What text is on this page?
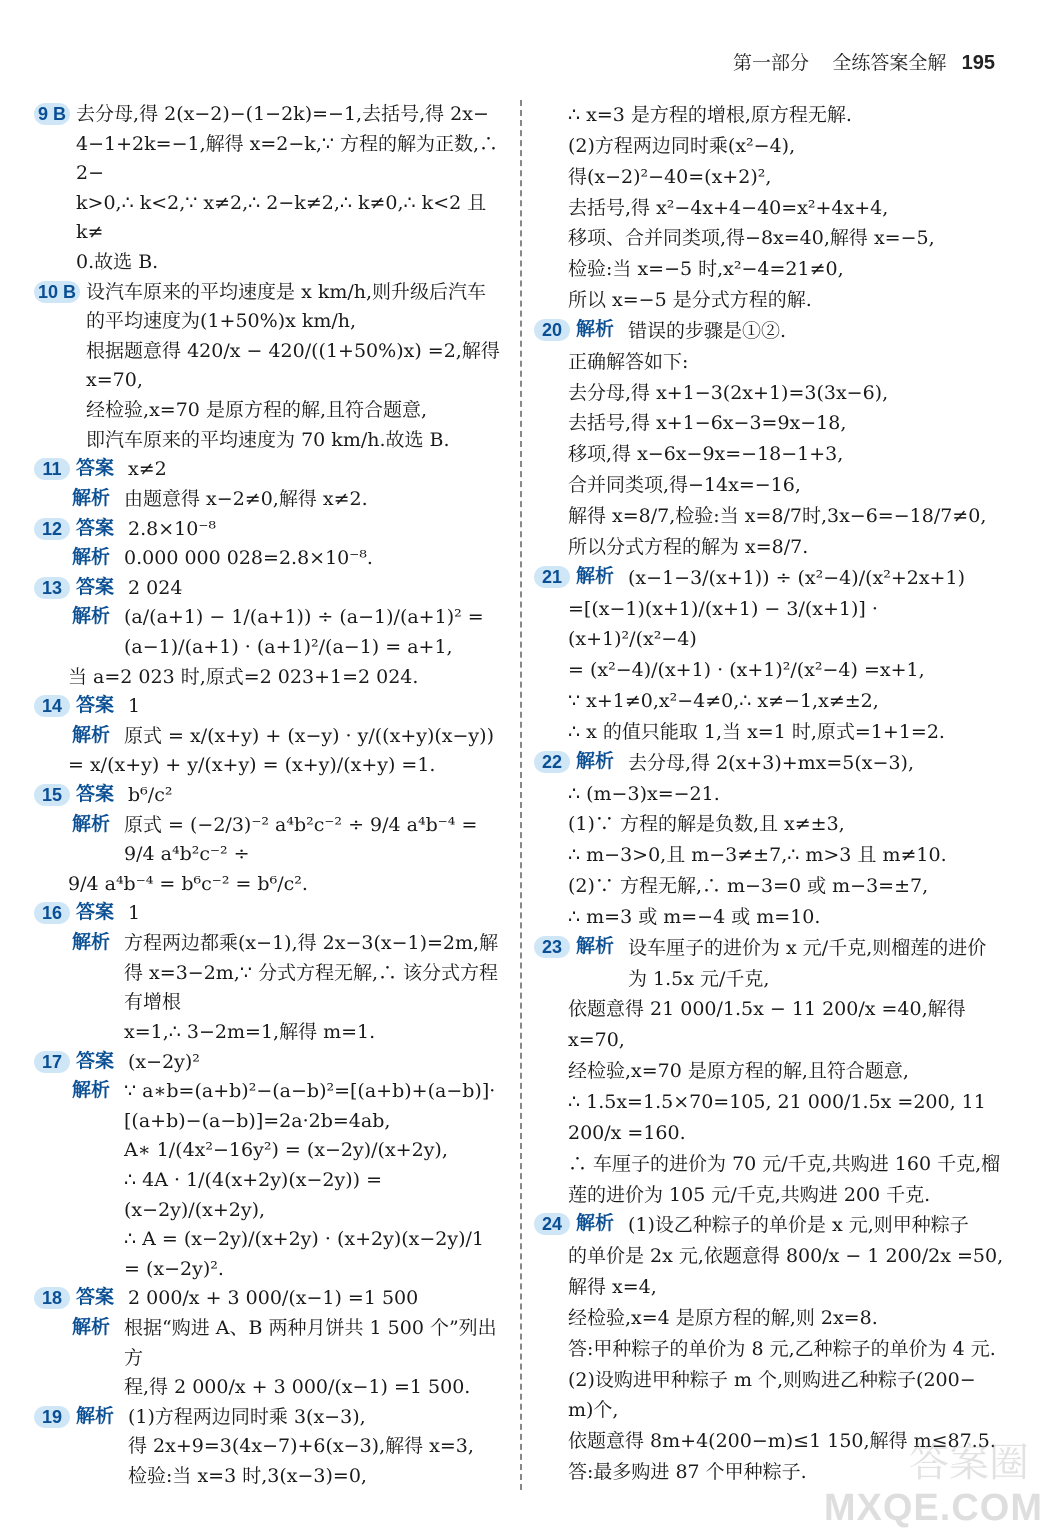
第一部分 全练答案全解 195
9 B 去分母,得 2(x−2)−(1−2k)=−1,去括号,得 2x−
4−1+2k=−1,解得 x=2−k,∵ 方程的解为正数,∴ 2−
k>0,∴ k<2,∵ x≠2,∴ 2−k≠2,∴ k≠0,∴ k<2 且 k≠
0.故选 B.
10 B 设汽车原来的平均速度是 x km/h,则升级后汽车
的平均速度为(1+50%)x km/h,
根据题意得 420/x − 420/((1+50%)x) =2,解得 x=70,
经检验,x=70 是原方程的解,且符合题意,
即汽车原来的平均速度为 70 km/h.故选 B.
11 答案 x≠2
解析 由题意得 x−2≠0,解得 x≠2.
12 答案 2.8×10⁻⁸
解析 0.000 000 028=2.8×10⁻⁸.
13 答案 2 024
解析 (a/(a+1) − 1/(a+1)) ÷ (a−1)/(a+1)² = (a−1)/(a+1) · (a+1)²/(a−1) = a+1,
当 a=2 023 时,原式=2 023+1=2 024.
14 答案 1
解析 原式 = x/(x+y) + (x−y) · y/((x+y)(x−y))
= x/(x+y) + y/(x+y) = (x+y)/(x+y) =1.
15 答案 b⁶/c²
解析 原式 = (−2/3)⁻² a⁴b²c⁻² ÷ 9/4 a⁴b⁻⁴ = 9/4 a⁴b²c⁻² ÷
9/4 a⁴b⁻⁴ = b⁶c⁻² = b⁶/c².
16 答案 1
解析 方程两边都乘(x−1),得 2x−3(x−1)=2m,解
得 x=3−2m,∵ 分式方程无解,∴ 该分式方程有增根
x=1,∴ 3−2m=1,解得 m=1.
17 答案 (x−2y)²
解析 ∵ a∗b=(a+b)²−(a−b)²=[(a+b)+(a−b)]·
[(a+b)−(a−b)]=2a·2b=4ab,
A∗ 1/(4x²−16y²) = (x−2y)/(x+2y),
∴ 4A · 1/(4(x+2y)(x−2y)) = (x−2y)/(x+2y),
∴ A = (x−2y)/(x+2y) · (x+2y)(x−2y)/1 = (x−2y)².
18 答案 2 000/x + 3 000/(x−1) =1 500
解析 根据“购进 A、B 两种月饼共 1 500 个”列出方
程,得 2 000/x + 3 000/(x−1) =1 500.
19 解析 (1)方程两边同时乘 3(x−3),
得 2x+9=3(4x−7)+6(x−3),解得 x=3,
检验:当 x=3 时,3(x−3)=0,
∴ x=3 是方程的增根,原方程无解.
(2)方程两边同时乘(x²−4),
得(x−2)²−40=(x+2)²,
去括号,得 x²−4x+4−40=x²+4x+4,
移项、合并同类项,得−8x=40,解得 x=−5,
检验:当 x=−5 时,x²−4=21≠0,
所以 x=−5 是分式方程的解.
20 解析 错误的步骤是①②.
正确解答如下:
去分母,得 x+1−3(2x+1)=3(3x−6),
去括号,得 x+1−6x−3=9x−18,
移项,得 x−6x−9x=−18−1+3,
合并同类项,得−14x=−16,
解得 x=8/7,检验:当 x=8/7时,3x−6=−18/7≠0,
所以分式方程的解为 x=8/7.
21 解析 (x−1−3/(x+1)) ÷ (x²−4)/(x²+2x+1)
=[(x−1)(x+1)/(x+1) − 3/(x+1)] · (x+1)²/(x²−4)
= (x²−4)/(x+1) · (x+1)²/(x²−4) =x+1,
∵ x+1≠0,x²−4≠0,∴ x≠−1,x≠±2,
∴ x 的值只能取 1,当 x=1 时,原式=1+1=2.
22 解析 去分母,得 2(x+3)+mx=5(x−3),
∴ (m−3)x=−21.
(1)∵ 方程的解是负数,且 x≠±3,
∴ m−3>0,且 m−3≠±7,∴ m>3 且 m≠10.
(2)∵ 方程无解,∴ m−3=0 或 m−3=±7,
∴ m=3 或 m=−4 或 m=10.
23 解析 设车厘子的进价为 x 元/千克,则榴莲的进价
为 1.5x 元/千克,
依题意得 21 000/1.5x − 11 200/x =40,解得 x=70,
经检验,x=70 是原方程的解,且符合题意,
∴ 1.5x=1.5×70=105, 21 000/1.5x =200, 11 200/x =160.
∴ 车厘子的进价为 70 元/千克,共购进 160 千克,榴
莲的进价为 105 元/千克,共购进 200 千克.
24 解析 (1)设乙种粽子的单价是 x 元,则甲种粽子
的单价是 2x 元,依题意得 800/x − 1 200/2x =50,
解得 x=4,
经检验,x=4 是原方程的解,则 2x=8.
答:甲种粽子的单价为 8 元,乙种粽子的单价为 4 元.
(2)设购进甲种粽子 m 个,则购进乙种粽子(200−
m)个,
依题意得 8m+4(200−m)≤1 150,解得 m≤87.5.
答:最多购进 87 个甲种粽子.	答案圈
MXQE.COM
